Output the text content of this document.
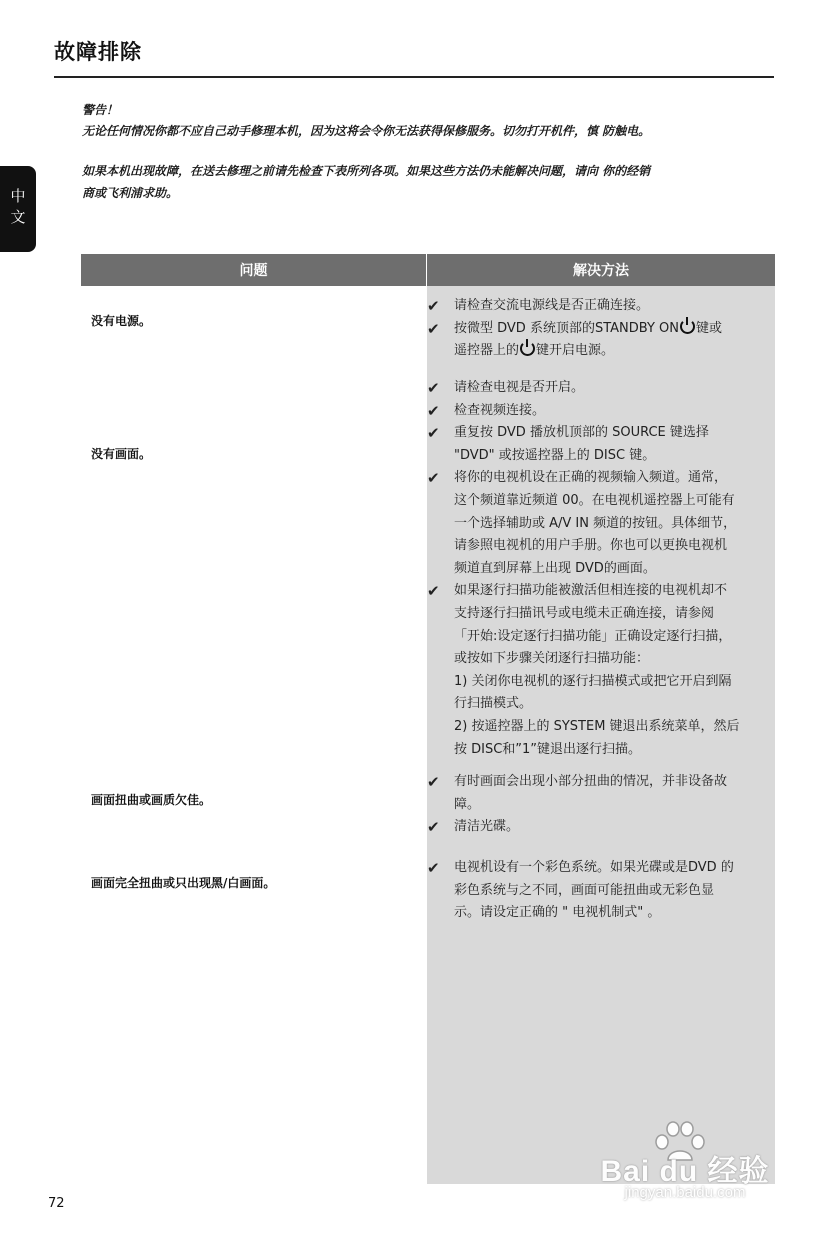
故障排除
中文
警告！
无论任何情况你都不应自己动手修理本机，因为这将会令你无法获得保修服务。切勿打开机件，慎 防触电。
如果本机出现故障，在送去修理之前请先检查下表所列各项。如果这些方法仍未能解决问题，请向 你的经销
商或飞利浦求助。
问题	解决方法
没有电源。
没有画面。
画面扭曲或画质欠佳。
画面完全扭曲或只出现黑/白画面。
✔ 请检查交流电源线是否正确连接。
✔ 按微型 DVD 系统顶部的STANDBY ON 键或
遥控器上的 键开启电源。
✔ 请检查电视是否开启。
✔ 检查视频连接。
✔ 重复按 DVD 播放机顶部的 SOURCE 键选择
"DVD" 或按遥控器上的 DISC 键。
✔ 将你的电视机设在正确的视频输入频道。通常，
这个频道靠近频道 00。在电视机遥控器上可能有
一个选择辅助或 A/V IN 频道的按钮。具体细节，
请参照电视机的用户手册。你也可以更换电视机
频道直到屏幕上出现 DVD的画面。
✔ 如果逐行扫描功能被激活但相连接的电视机却不
支持逐行扫描讯号或电缆未正确连接，请参阅
「开始:设定逐行扫描功能」正确设定逐行扫描，
或按如下步骤关闭逐行扫描功能：
1) 关闭你电视机的逐行扫描模式或把它开启到隔
行扫描模式。
2) 按遥控器上的 SYSTEM 键退出系统菜单，然后
按 DISC和”1”键退出逐行扫描。
✔ 有时画面会出现小部分扭曲的情况，并非设备故
障。
✔ 清洁光碟。
✔ 电视机设有一个彩色系统。如果光碟或是DVD 的
彩色系统与之不同，画面可能扭曲或无彩色显
示。请设定正确的 " 电视机制式" 。
72
Bai du 经验
jingyan.baidu.com
